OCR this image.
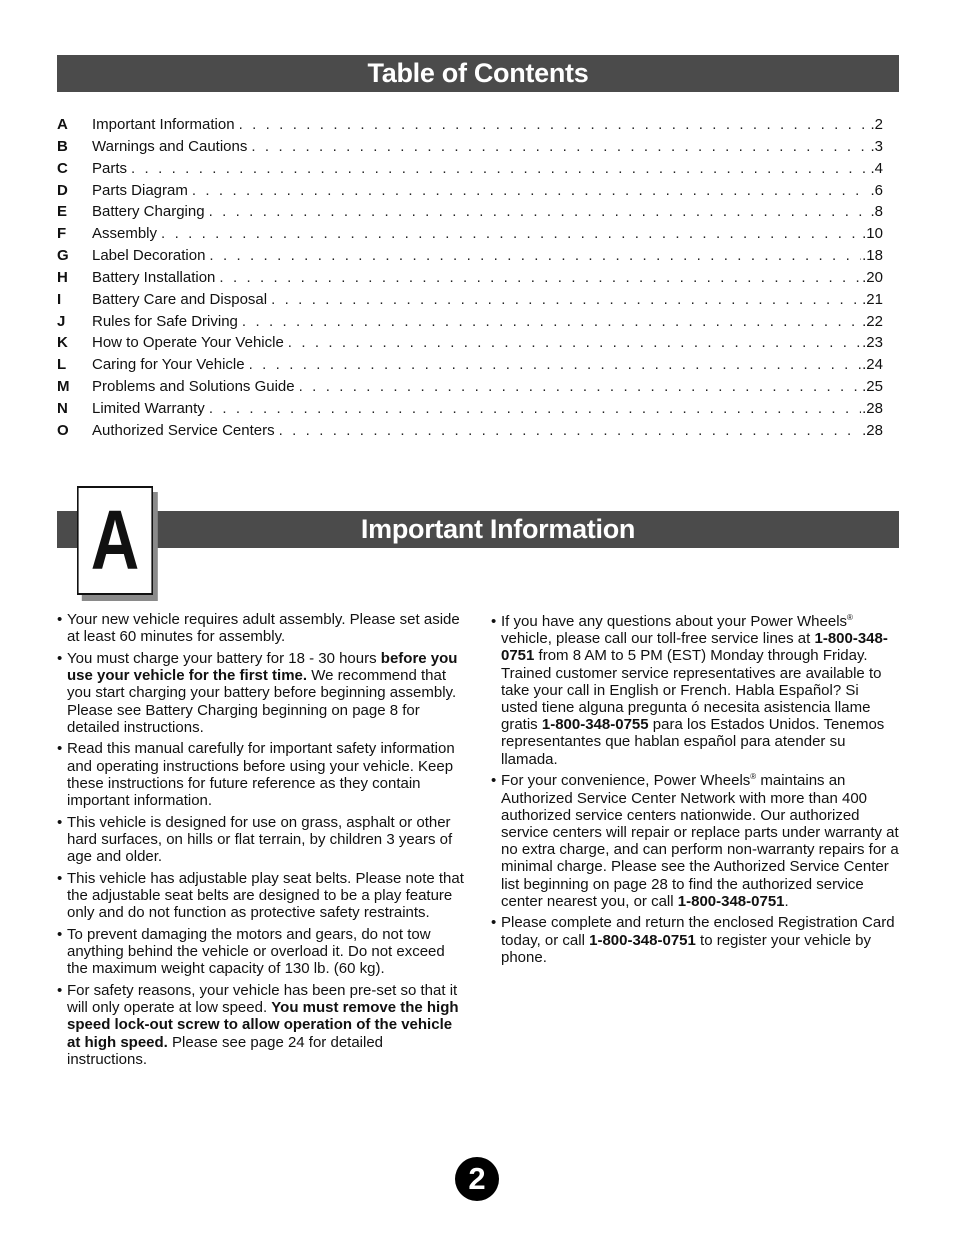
Table of Contents
A	Important Information . . .	.2
B	Warnings and Cautions . . .	.3
C	Parts . . .	.4
D	Parts Diagram . . .	.6
E	Battery Charging . . .	.8
F	Assembly . . .	.10
G	Label Decoration . . .	.18
H	Battery Installation . . .	.20
I	Battery Care and Disposal . . .	.21
J	Rules for Safe Driving . . .	.22
K	How to Operate Your Vehicle . . .	.23
L	Caring for Your Vehicle . . .	.24
M	Problems and Solutions Guide . . .	.25
N	Limited Warranty . . .	.28
O	Authorized Service Centers . . .	.28
Important Information
A
• Your new vehicle requires adult assembly. Please set aside at least 60 minutes for assembly.
• You must charge your battery for 18 - 30 hours before you use your vehicle for the first time. We recommend that you start charging your battery before beginning assembly. Please see Battery Charging beginning on page 8 for detailed instructions.
• Read this manual carefully for important safety information and operating instructions before using your vehicle. Keep these instructions for future reference as they contain important information.
• This vehicle is designed for use on grass, asphalt or other hard surfaces, on hills or flat terrain, by children 3 years of age and older.
• This vehicle has adjustable play seat belts. Please note that the adjustable seat belts are designed to be a play feature only and do not function as protective safety restraints.
• To prevent damaging the motors and gears, do not tow anything behind the vehicle or overload it. Do not exceed the maximum weight capacity of 130 lb. (60 kg).
• For safety reasons, your vehicle has been pre-set so that it will only operate at low speed. You must remove the high speed lock-out screw to allow operation of the vehicle at high speed. Please see page 24 for detailed instructions.
• If you have any questions about your Power Wheels® vehicle, please call our toll-free service lines at 1-800-348-0751 from 8 AM to 5 PM (EST) Monday through Friday. Trained customer service representatives are available to take your call in English or French. Habla Español? Si usted tiene alguna pregunta ó necesita asistencia llame gratis 1-800-348-0755 para los Estados Unidos. Tenemos representantes que hablan español para atender su llamada.
• For your convenience, Power Wheels® maintains an Authorized Service Center Network with more than 400 authorized service centers nationwide. Our authorized service centers will repair or replace parts under warranty at no extra charge, and can perform non-warranty repairs for a minimal charge. Please see the Authorized Service Center list beginning on page 28 to find the authorized service center nearest you, or call 1-800-348-0751.
• Please complete and return the enclosed Registration Card today, or call 1-800-348-0751 to register your vehicle by phone.
2
